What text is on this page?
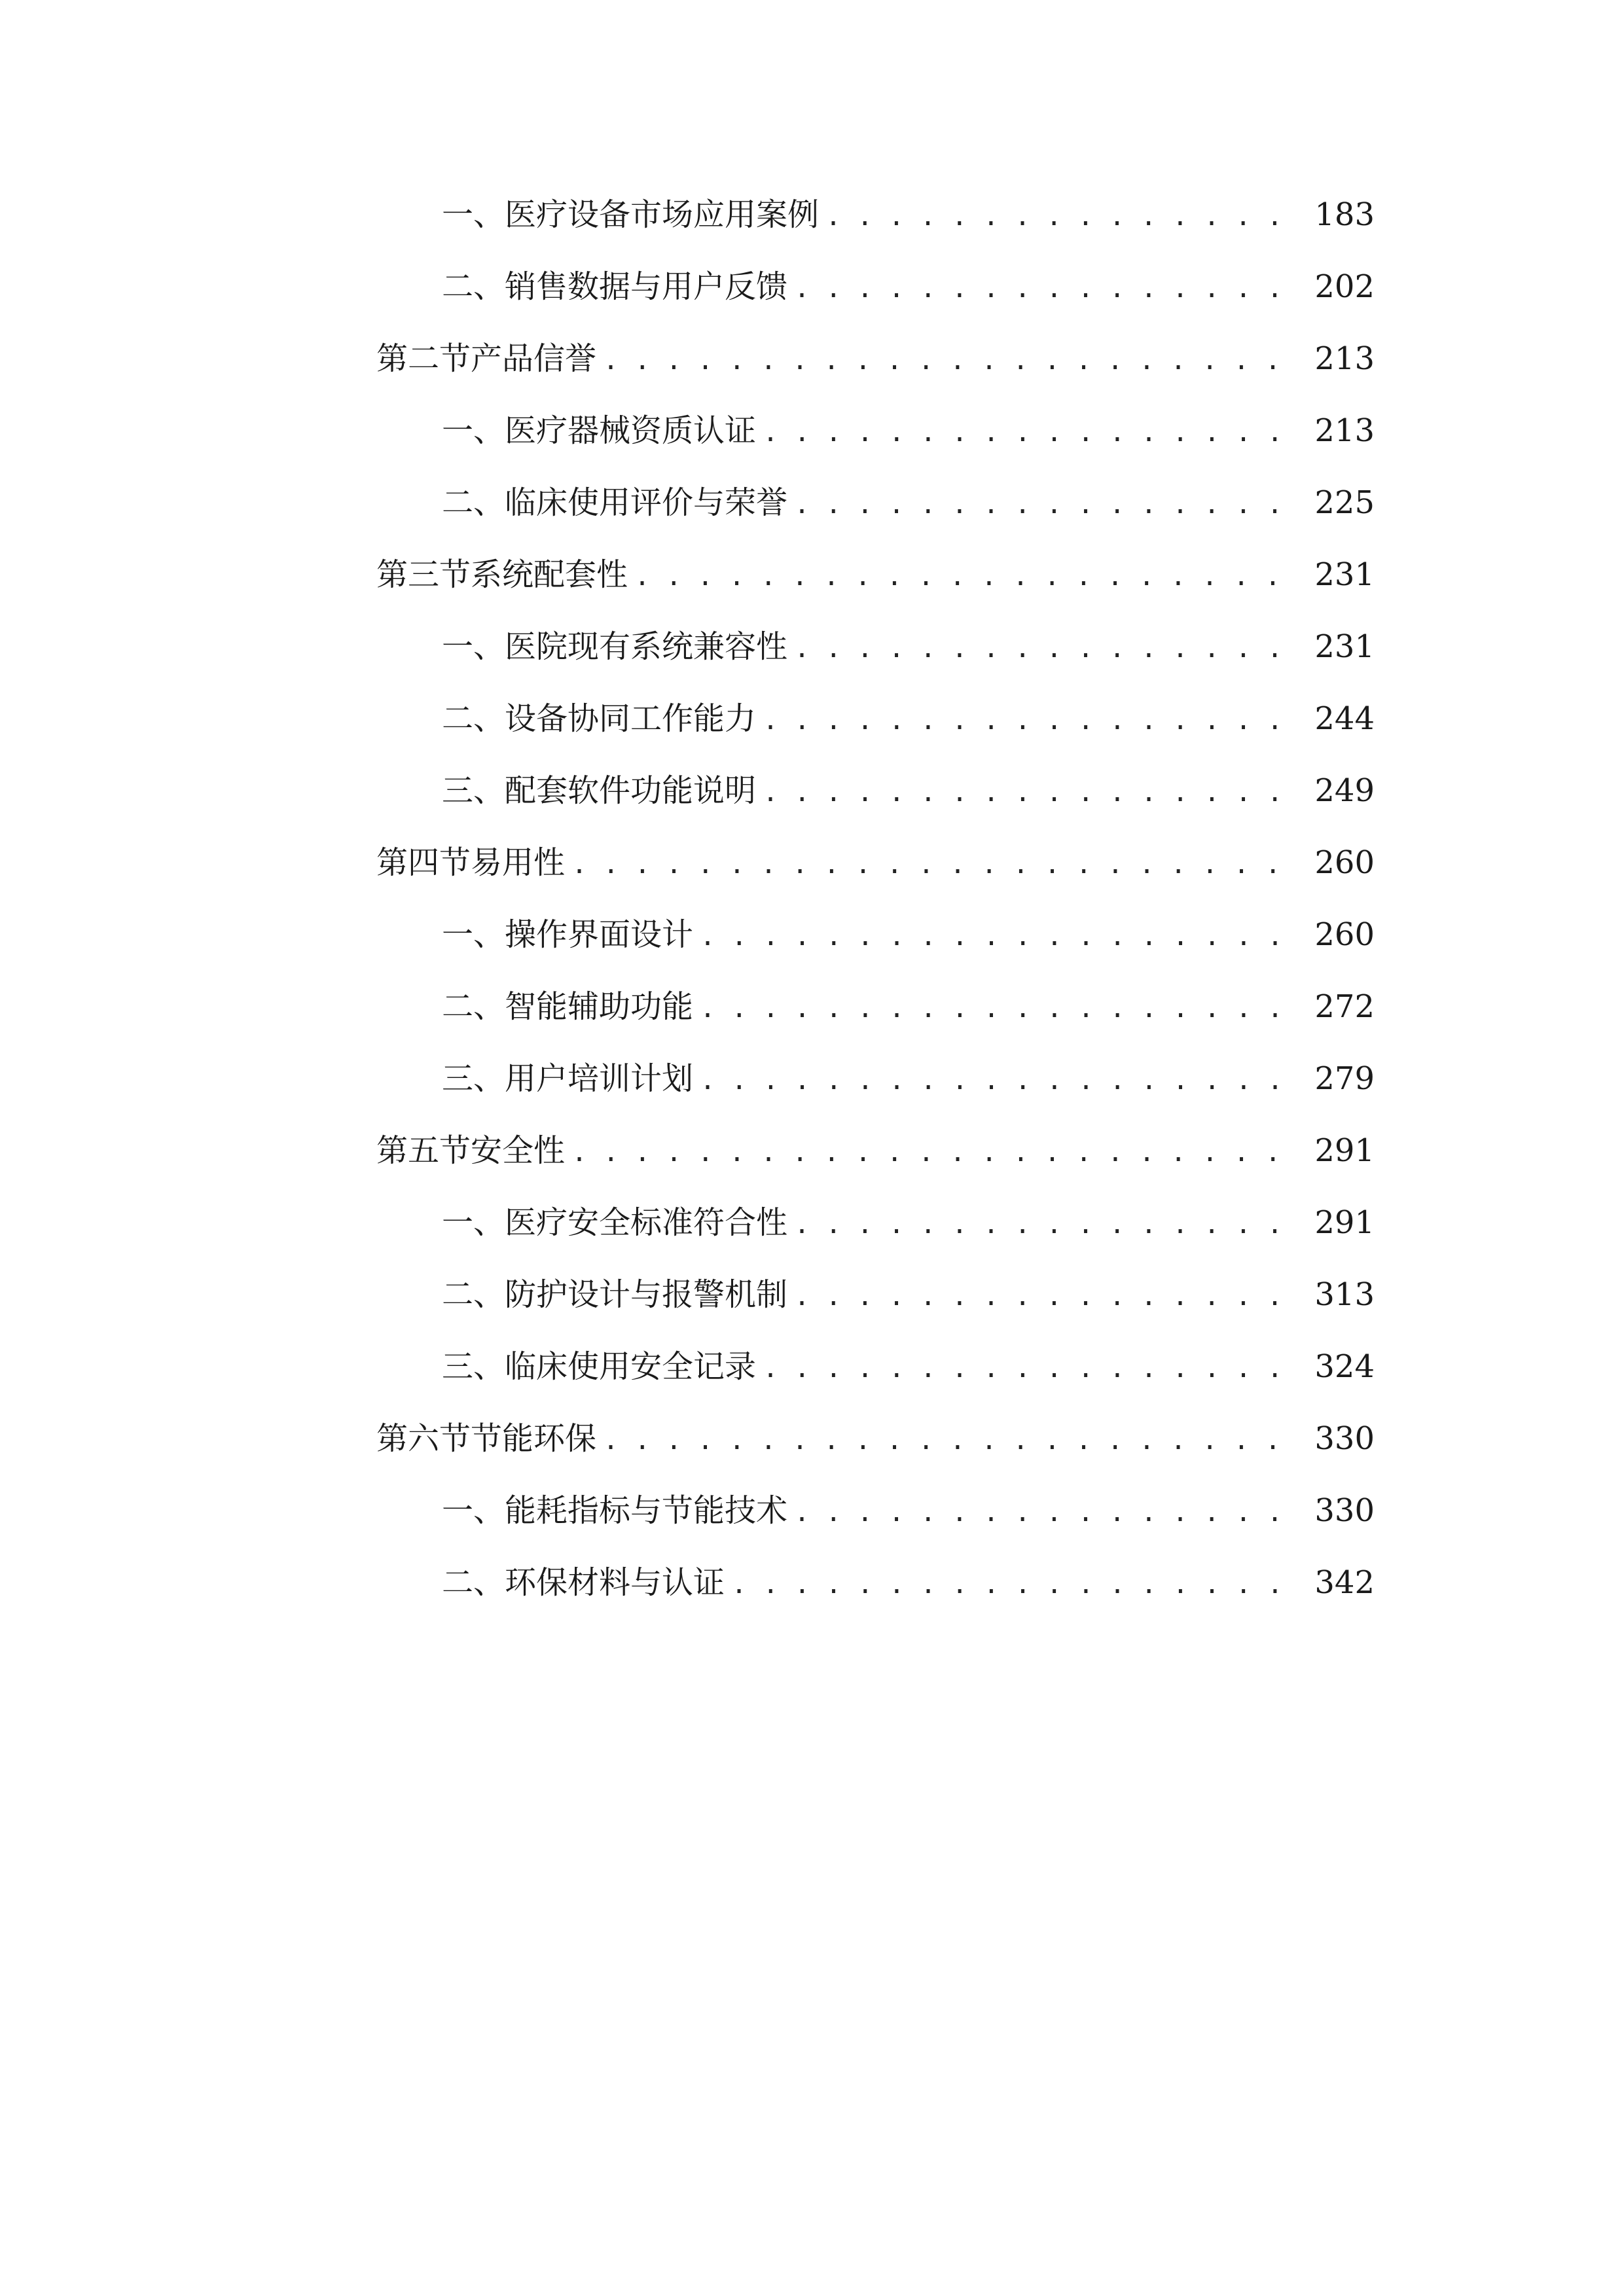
一、 医疗设备市场应用案例 . . .	183
二、 销售数据与用户反馈 . . .	202
第二节 产品信誉 . . .	213
一、 医疗器械资质认证 . . .	213
二、 临床使用评价与荣誉 . . .	225
第三节 系统配套性 . . .	231
一、 医院现有系统兼容性 . . .	231
二、 设备协同工作能力 . . .	244
三、 配套软件功能说明 . . .	249
第四节 易用性 . . .	260
一、 操作界面设计 . . .	260
二、 智能辅助功能 . . .	272
三、 用户培训计划 . . .	279
第五节 安全性 . . .	291
一、 医疗安全标准符合性 . . .	291
二、 防护设计与报警机制 . . .	313
三、 临床使用安全记录 . . .	324
第六节 节能环保 . . .	330
一、 能耗指标与节能技术 . . .	330
二、 环保材料与认证 . . .	342
